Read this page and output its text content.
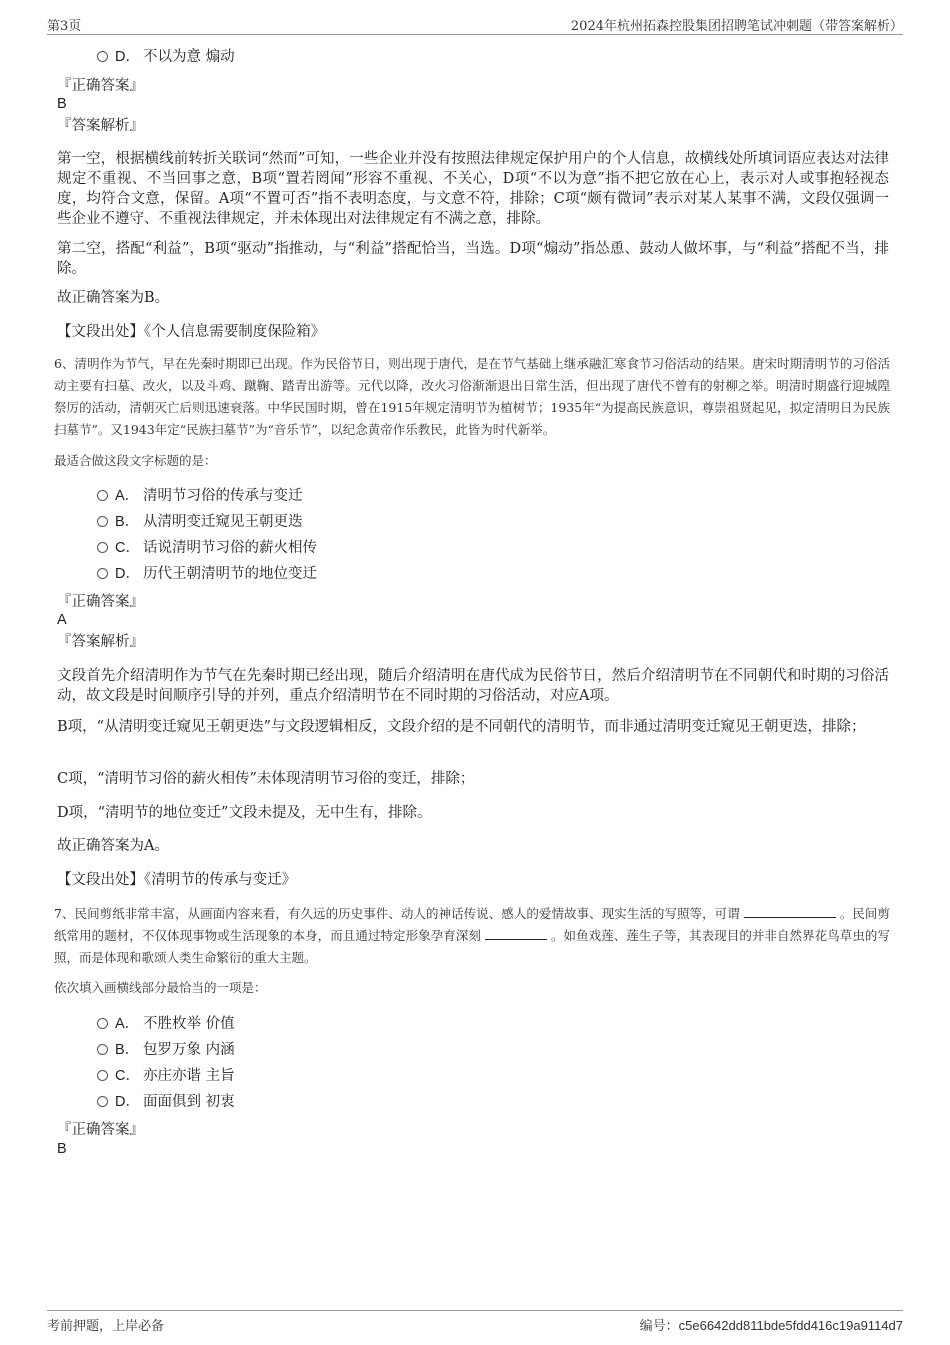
第3页	2024年杭州拓森控股集团招聘笔试冲刺题（带答案解析）
D． 不以为意 煽动
『正确答案』
B
『答案解析』
第一空，根据横线前转折关联词“然而”可知，一些企业并没有按照法律规定保护用户的个人信息，故横线处所填词语应表达对法律规定不重视、不当回事之意，B项“置若罔闻”形容不重视、不关心，D项“不以为意”指不把它放在心上，表示对人或事抱轻视态度，均符合文意，保留。A项“不置可否”指不表明态度，与文意不符，排除；C项“颇有微词”表示对某人某事不满，文段仅强调一些企业不遵守、不重视法律规定，并未体现出对法律规定有不满之意，排除。
第二空，搭配“利益”，B项“驱动”指推动，与“利益”搭配恰当，当选。D项“煽动”指怂恿、鼓动人做坏事，与“利益”搭配不当，排除。
故正确答案为B。
【文段出处】《个人信息需要制度保险箱》
6、清明作为节气，早在先秦时期即已出现。作为民俗节日，则出现于唐代，是在节气基础上继承融汇寒食节习俗活动的结果。唐宋时期清明节的习俗活动主要有扫墓、改火，以及斗鸡、蹴鞠、踏青出游等。元代以降，改火习俗渐渐退出日常生活，但出现了唐代不曾有的射柳之举。明清时期盛行迎城隍祭厉的活动，清朝灭亡后则迅速衰落。中华民国时期，曾在1915年规定清明节为植树节；1935年“为提高民族意识，尊崇祖贤起见，拟定清明日为民族扫墓节”。又1943年定“民族扫墓节”为“音乐节”，以纪念黄帝作乐教民，此皆为时代新举。
最适合做这段文字标题的是：
A． 清明节习俗的传承与变迁
B． 从清明变迁窥见王朝更迭
C． 话说清明节习俗的薪火相传
D． 历代王朝清明节的地位变迁
『正确答案』
A
『答案解析』
文段首先介绍清明作为节气在先秦时期已经出现，随后介绍清明在唐代成为民俗节日，然后介绍清明节在不同朝代和时期的习俗活动，故文段是时间顺序引导的并列，重点介绍清明节在不同时期的习俗活动，对应A项。
B项，“从清明变迁窥见王朝更迭”与文段逻辑相反，文段介绍的是不同朝代的清明节，而非通过清明变迁窥见王朝更迭，排除；
C项，“清明节习俗的薪火相传”未体现清明节习俗的变迁，排除；
D项，“清明节的地位变迁”文段未提及，无中生有，排除。
故正确答案为A。
【文段出处】《清明节的传承与变迁》
7、民间剪纸非常丰富，从画面内容来看，有久远的历史事件、动人的神话传说、感人的爱情故事、现实生活的写照等，可谓	。民间剪纸常用的题材，不仅体现事物或生活现象的本身，而且通过特定形象孕育深刻	。如鱼戏莲、莲生子等，其表现目的并非自然界花鸟草虫的写照，而是体现和歌颂人类生命繁衍的重大主题。
依次填入画横线部分最恰当的一项是：
A． 不胜枚举 价值
B． 包罗万象 内涵
C． 亦庄亦谐 主旨
D． 面面俱到 初衷
『正确答案』
B
考前押题，上岸必备	编号：c5e6642dd811bde5fdd416c19a9114d7
